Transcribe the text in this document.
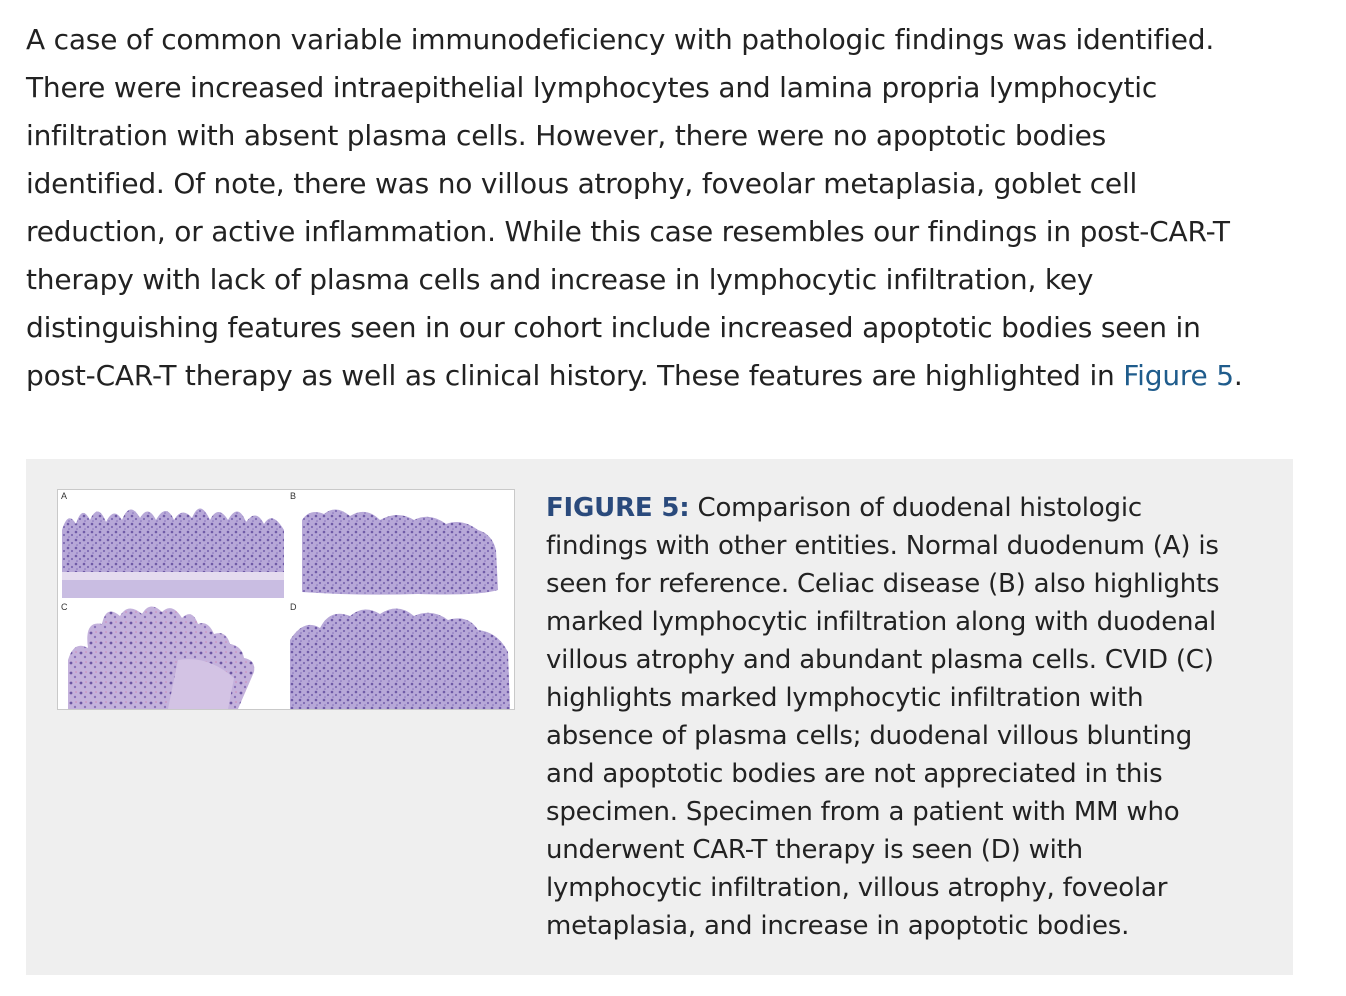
A case of common variable immunodeficiency with pathologic findings was identified.
There were increased intraepithelial lymphocytes and lamina propria lymphocytic
infiltration with absent plasma cells. However, there were no apoptotic bodies
identified. Of note, there was no villous atrophy, foveolar metaplasia, goblet cell
reduction, or active inflammation. While this case resembles our findings in post-CAR-T
therapy with lack of plasma cells and increase in lymphocytic infiltration, key
distinguishing features seen in our cohort include increased apoptotic bodies seen in
post-CAR-T therapy as well as clinical history. These features are highlighted in Figure 5.
A	B
C	D
FIGURE 5: Comparison of duodenal histologic
findings with other entities. Normal duodenum (A) is
seen for reference. Celiac disease (B) also highlights
marked lymphocytic infiltration along with duodenal
villous atrophy and abundant plasma cells. CVID (C)
highlights marked lymphocytic infiltration with
absence of plasma cells; duodenal villous blunting
and apoptotic bodies are not appreciated in this
specimen. Specimen from a patient with MM who
underwent CAR-T therapy is seen (D) with
lymphocytic infiltration, villous atrophy, foveolar
metaplasia, and increase in apoptotic bodies.
